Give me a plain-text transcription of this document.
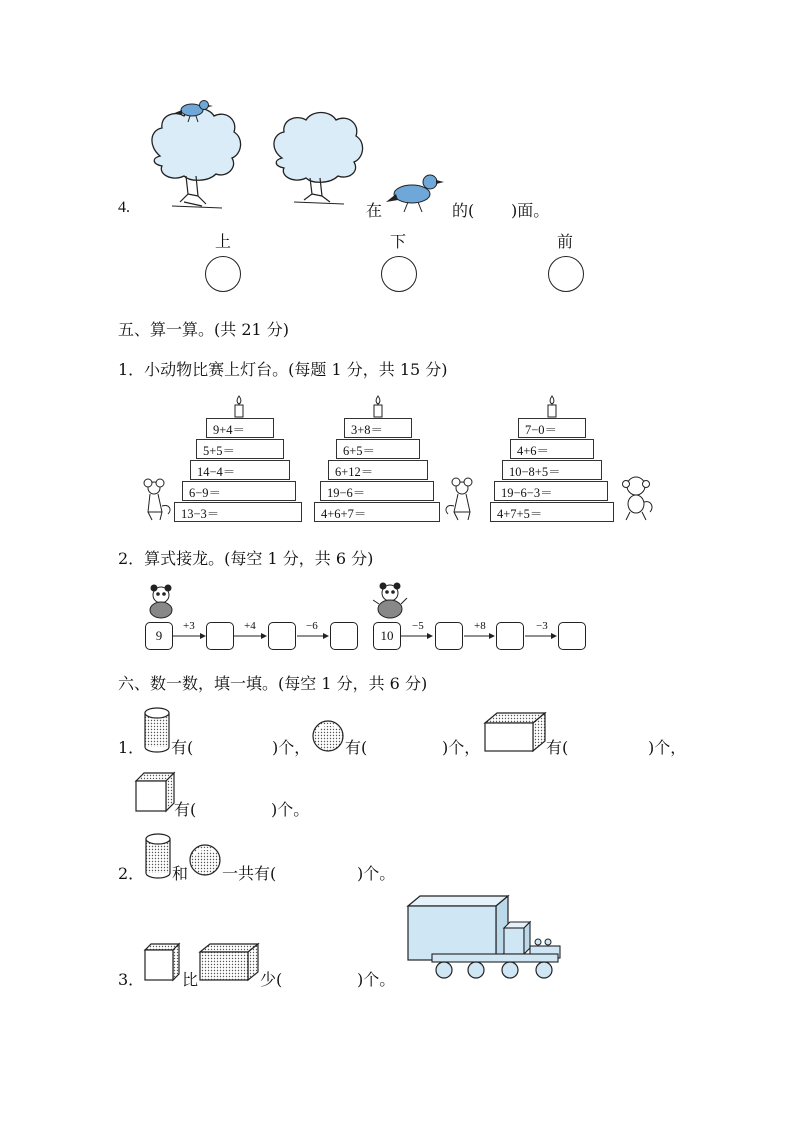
4.	在	的( )面。
上	下	前
五、算一算。(共 21 分)
1．小动物比赛上灯台。(每题 1 分，共 15 分)
9+4＝
5+5＝
14−4＝
6−9＝
13−3＝
3+8＝
6+5＝
6+12＝
19−6＝
4+6+7＝
7−0＝
4+6＝
10−8+5＝
19−6−3＝
4+7+5＝
2．算式接龙。(每空 1 分，共 6 分)
9
+3	+4	−6
10
−5	+8	−3
六、数一数，填一填。(每空 1 分，共 6 分)
1． 有(	)个， 有(	)个，	有(	)个，
有(	)个。
2． 和 一共有(	)个。
3． 比	少(	)个。
